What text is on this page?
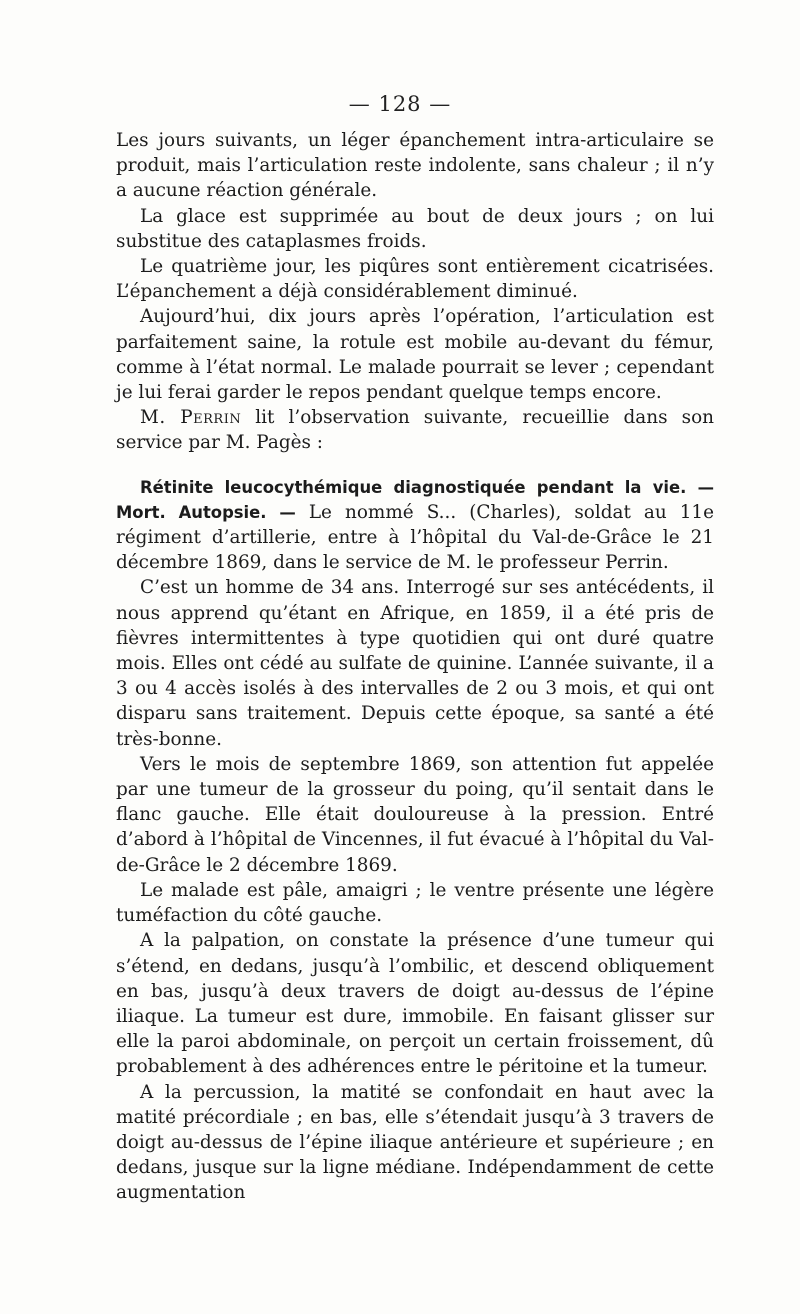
— 128 —

Les jours suivants, un léger épanchement intra-articulaire se produit, mais l’articulation reste indolente, sans chaleur ; il n’y a aucune réaction générale.

La glace est supprimée au bout de deux jours ; on lui substitue des cataplasmes froids.

Le quatrième jour, les piqûres sont entièrement cicatrisées. L’épanchement a déjà considérablement diminué.

Aujourd’hui, dix jours après l’opération, l’articulation est parfaitement saine, la rotule est mobile au-devant du fémur, comme à l’état normal. Le malade pourrait se lever ; cependant je lui ferai garder le repos pendant quelque temps encore.

M. Perrin lit l’observation suivante, recueillie dans son service par M. Pagès :

Rétinite leucocythémique diagnostiquée pendant la vie. — Mort. Autopsie. — Le nommé S... (Charles), soldat au 11e régiment d’artillerie, entre à l’hôpital du Val-de-Grâce le 21 décembre 1869, dans le service de M. le professeur Perrin.

C’est un homme de 34 ans. Interrogé sur ses antécédents, il nous apprend qu’étant en Afrique, en 1859, il a été pris de fièvres intermittentes à type quotidien qui ont duré quatre mois. Elles ont cédé au sulfate de quinine. L’année suivante, il a 3 ou 4 accès isolés à des intervalles de 2 ou 3 mois, et qui ont disparu sans traitement. Depuis cette époque, sa santé a été très-bonne.

Vers le mois de septembre 1869, son attention fut appelée par une tumeur de la grosseur du poing, qu’il sentait dans le flanc gauche. Elle était douloureuse à la pression. Entré d’abord à l’hôpital de Vincennes, il fut évacué à l’hôpital du Val-de-Grâce le 2 décembre 1869.

Le malade est pâle, amaigri ; le ventre présente une légère tuméfaction du côté gauche.

A la palpation, on constate la présence d’une tumeur qui s’étend, en dedans, jusqu’à l’ombilic, et descend obliquement en bas, jusqu’à deux travers de doigt au-dessus de l’épine iliaque. La tumeur est dure, immobile. En faisant glisser sur elle la paroi abdominale, on perçoit un certain froissement, dû probablement à des adhérences entre le péritoine et la tumeur.

A la percussion, la matité se confondait en haut avec la matité précordiale ; en bas, elle s’étendait jusqu’à 3 travers de doigt au-dessus de l’épine iliaque antérieure et supérieure ; en dedans, jusque sur la ligne médiane. Indépendamment de cette augmentation
